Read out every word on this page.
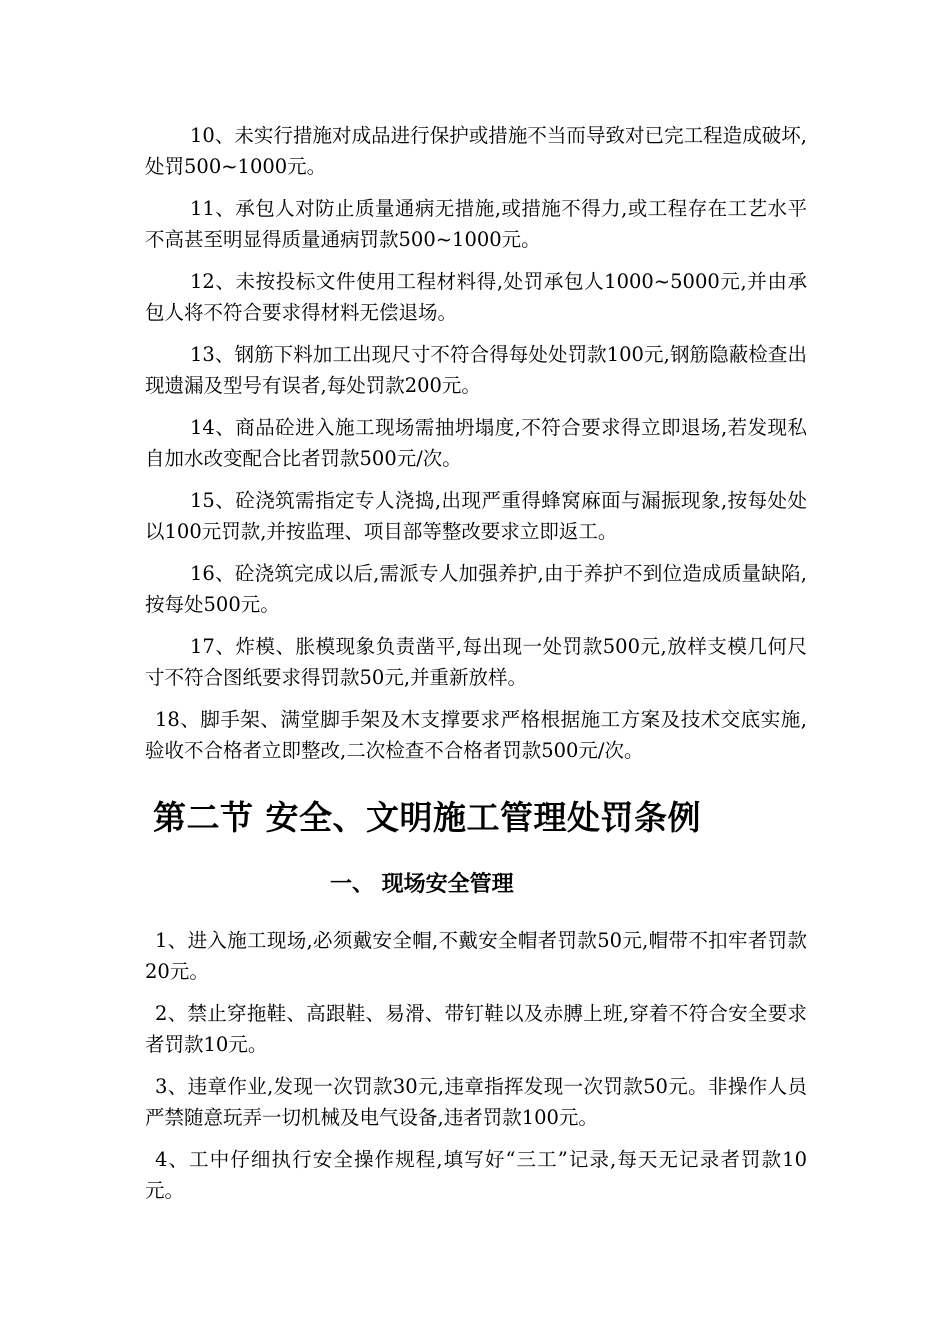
10、未实行措施对成品进行保护或措施不当而导致对已完工程造成破坏,处罚500~1000元。

11、承包人对防止质量通病无措施,或措施不得力,或工程存在工艺水平不高甚至明显得质量通病罚款500~1000元。

12、未按投标文件使用工程材料得,处罚承包人1000~5000元,并由承包人将不符合要求得材料无偿退场。

13、钢筋下料加工出现尺寸不符合得每处处罚款100元,钢筋隐蔽检查出现遗漏及型号有误者,每处罚款200元。

14、商品砼进入施工现场需抽坍塌度,不符合要求得立即退场,若发现私自加水改变配合比者罚款500元/次。

15、砼浇筑需指定专人浇捣,出现严重得蜂窝麻面与漏振现象,按每处处以100元罚款,并按监理、项目部等整改要求立即返工。

16、砼浇筑完成以后,需派专人加强养护,由于养护不到位造成质量缺陷,按每处500元。

17、炸模、胀模现象负责凿平,每出现一处罚款500元,放样支模几何尺寸不符合图纸要求得罚款50元,并重新放样。

18、脚手架、满堂脚手架及木支撑要求严格根据施工方案及技术交底实施,验收不合格者立即整改,二次检查不合格者罚款500元/次。

第二节 安全、文明施工管理处罚条例
一、 现场安全管理

1、进入施工现场,必须戴安全帽,不戴安全帽者罚款50元,帽带不扣牢者罚款20元。

2、禁止穿拖鞋、高跟鞋、易滑、带钉鞋以及赤膊上班,穿着不符合安全要求者罚款10元。

3、违章作业,发现一次罚款30元,违章指挥发现一次罚款50元。非操作人员严禁随意玩弄一切机械及电气设备,违者罚款100元。

4、工中仔细执行安全操作规程,填写好“三工”记录,每天无记录者罚款10元。
